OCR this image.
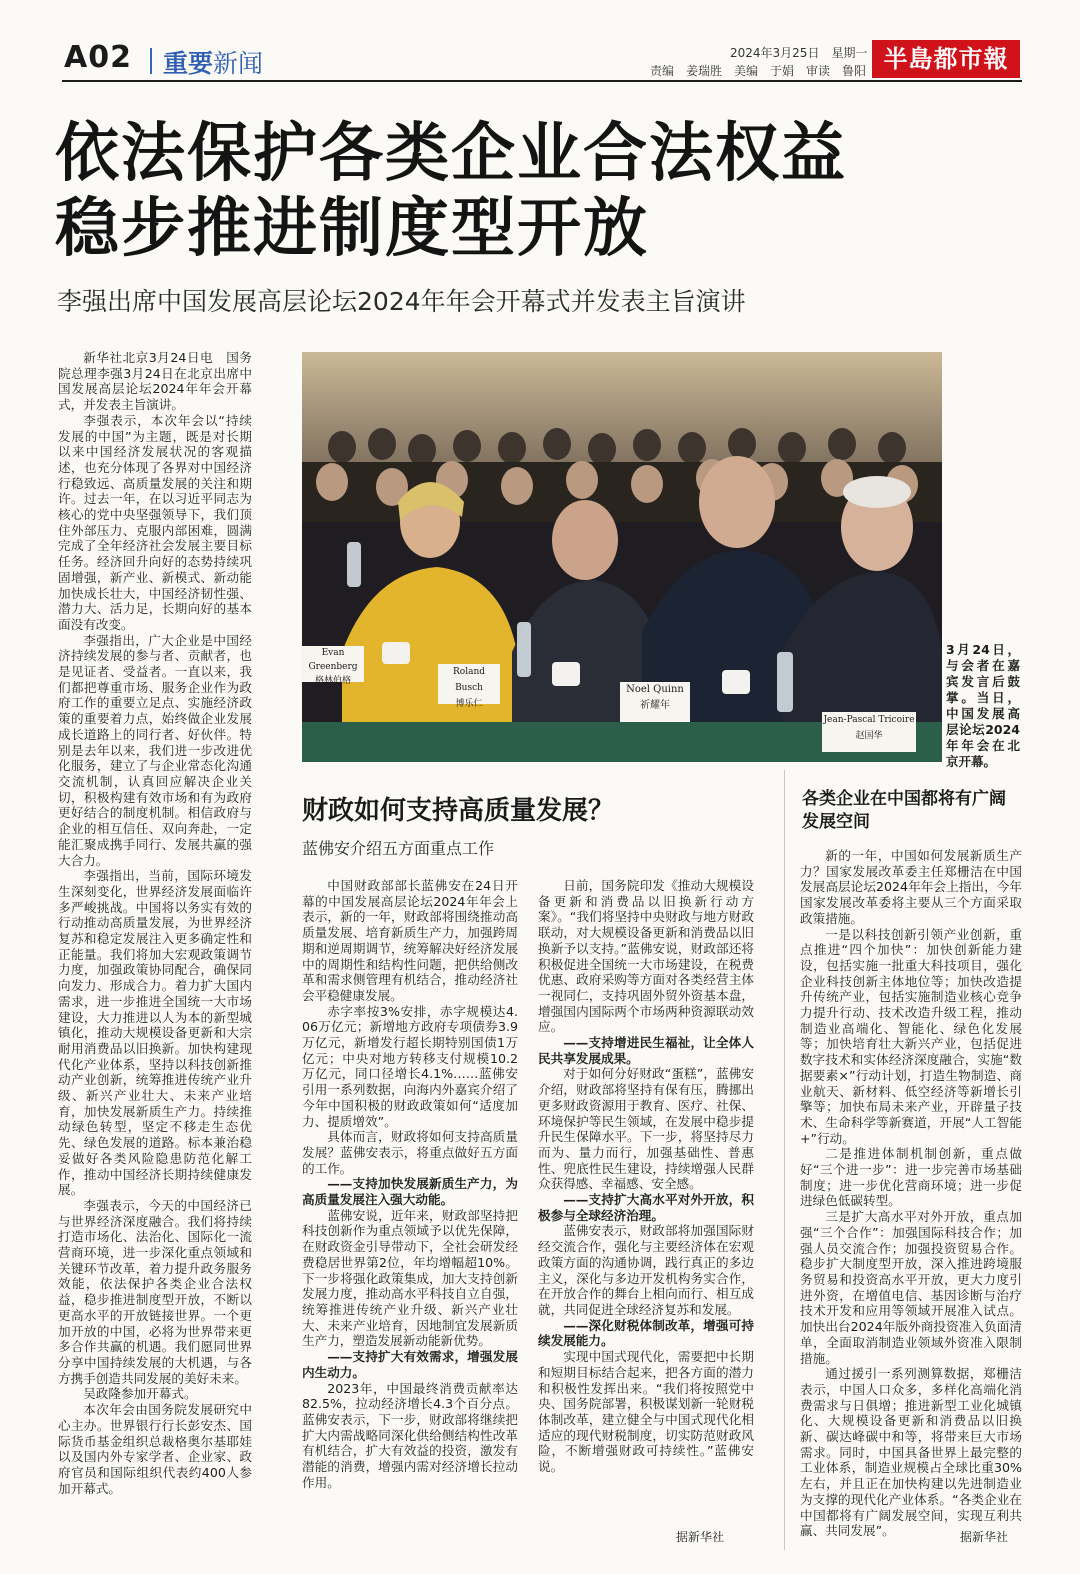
A02 重要新闻	2024年3月25日　星期一
责编　姜瑞胜　美编　于娟　审读　鲁阳 半島都市報
依法保护各类企业合法权益
稳步推进制度型开放
李强出席中国发展高层论坛2024年年会开幕式并发表主旨演讲

新华社北京3月24日电　国务院总理李强3月24日在北京出席中国发展高层论坛2024年年会开幕式，并发表主旨演讲。

李强表示，本次年会以“持续发展的中国”为主题，既是对长期以来中国经济发展状况的客观描述，也充分体现了各界对中国经济行稳致远、高质量发展的关注和期许。过去一年，在以习近平同志为核心的党中央坚强领导下，我们顶住外部压力、克服内部困难，圆满完成了全年经济社会发展主要目标任务。经济回升向好的态势持续巩固增强，新产业、新模式、新动能加快成长壮大，中国经济韧性强、潜力大、活力足，长期向好的基本面没有改变。

李强指出，广大企业是中国经济持续发展的参与者、贡献者，也是见证者、受益者。一直以来，我们都把尊重市场、服务企业作为政府工作的重要立足点、实施经济政策的重要着力点，始终做企业发展成长道路上的同行者、好伙伴。特别是去年以来，我们进一步改进优化服务，建立了与企业常态化沟通交流机制，认真回应解决企业关切，积极构建有效市场和有为政府更好结合的制度机制。相信政府与企业的相互信任、双向奔赴，一定能汇聚成携手同行、发展共赢的强大合力。

李强指出，当前，国际环境发生深刻变化，世界经济发展面临许多严峻挑战。中国将以务实有效的行动推动高质量发展，为世界经济复苏和稳定发展注入更多确定性和正能量。我们将加大宏观政策调节力度，加强政策协同配合，确保同向发力、形成合力。着力扩大国内需求，进一步推进全国统一大市场建设，大力推进以人为本的新型城镇化，推动大规模设备更新和大宗耐用消费品以旧换新。加快构建现代化产业体系，坚持以科技创新推动产业创新，统筹推进传统产业升级、新兴产业壮大、未来产业培育，加快发展新质生产力。持续推动绿色转型，坚定不移走生态优先、绿色发展的道路。标本兼治稳妥做好各类风险隐患防范化解工作，推动中国经济长期持续健康发展。

李强表示，今天的中国经济已与世界经济深度融合。我们将持续打造市场化、法治化、国际化一流营商环境，进一步深化重点领域和关键环节改革，着力提升政务服务效能，依法保护各类企业合法权益，稳步推进制度型开放，不断以更高水平的开放链接世界。一个更加开放的中国，必将为世界带来更多合作共赢的机遇。我们愿同世界分享中国持续发展的大机遇，与各方携手创造共同发展的美好未来。

吴政隆参加开幕式。

本次年会由国务院发展研究中心主办。世界银行行长彭安杰、国际货币基金组织总裁格奥尔基耶娃以及国内外专家学者、企业家、政府官员和国际组织代表约400人参加开幕式。

Evan Greenberg
格林伯格
Roland Busch
博乐仁
Noel Quinn
祈耀年
Jean-Pascal Tricoire
赵国华
3月24日，与会者在嘉宾发言后鼓掌。当日，中国发展高层论坛2024年年会在北京开幕。
财政如何支持高质量发展？
蓝佛安介绍五方面重点工作

中国财政部部长蓝佛安在24日开幕的中国发展高层论坛2024年年会上表示，新的一年，财政部将围绕推动高质量发展、培育新质生产力，加强跨周期和逆周期调节，统筹解决好经济发展中的周期性和结构性问题，把供给侧改革和需求侧管理有机结合，推动经济社会平稳健康发展。

赤字率按3%安排，赤字规模达4.06万亿元；新增地方政府专项债券3.9万亿元，新增发行超长期特别国债1万亿元；中央对地方转移支付规模10.2万亿元，同口径增长4.1%……蓝佛安引用一系列数据，向海内外嘉宾介绍了今年中国积极的财政政策如何“适度加力、提质增效”。

具体而言，财政将如何支持高质量发展？蓝佛安表示，将重点做好五方面的工作。

——支持加快发展新质生产力，为高质量发展注入强大动能。

蓝佛安说，近年来，财政部坚持把科技创新作为重点领域予以优先保障，在财政资金引导带动下，全社会研发经费稳居世界第2位，年均增幅超10%。下一步将强化政策集成，加大支持创新发展力度，推动高水平科技自立自强，统筹推进传统产业升级、新兴产业壮大、未来产业培育，因地制宜发展新质生产力，塑造发展新动能新优势。

——支持扩大有效需求，增强发展内生动力。

2023年，中国最终消费贡献率达82.5%，拉动经济增长4.3个百分点。蓝佛安表示，下一步，财政部将继续把扩大内需战略同深化供给侧结构性改革有机结合，扩大有效益的投资，激发有潜能的消费，增强内需对经济增长拉动作用。

日前，国务院印发《推动大规模设备更新和消费品以旧换新行动方案》。“我们将坚持中央财政与地方财政联动，对大规模设备更新和消费品以旧换新予以支持。”蓝佛安说，财政部还将积极促进全国统一大市场建设，在税费优惠、政府采购等方面对各类经营主体一视同仁，支持巩固外贸外资基本盘，增强国内国际两个市场两种资源联动效应。

——支持增进民生福祉，让全体人民共享发展成果。

对于如何分好财政“蛋糕”，蓝佛安介绍，财政部将坚持有保有压，腾挪出更多财政资源用于教育、医疗、社保、环境保护等民生领域，在发展中稳步提升民生保障水平。下一步，将坚持尽力而为、量力而行，加强基础性、普惠性、兜底性民生建设，持续增强人民群众获得感、幸福感、安全感。

——支持扩大高水平对外开放，积极参与全球经济治理。

蓝佛安表示，财政部将加强国际财经交流合作，强化与主要经济体在宏观政策方面的沟通协调，践行真正的多边主义，深化与多边开发机构务实合作，在开放合作的舞台上相向而行、相互成就，共同促进全球经济复苏和发展。

——深化财税体制改革，增强可持续发展能力。

实现中国式现代化，需要把中长期和短期目标结合起来，把各方面的潜力和积极性发挥出来。“我们将按照党中央、国务院部署，积极谋划新一轮财税体制改革，建立健全与中国式现代化相适应的现代财税制度，切实防范财政风险，不断增强财政可持续性。”蓝佛安说。

据新华社
各类企业在中国都将有广阔发展空间

新的一年，中国如何发展新质生产力？国家发展改革委主任郑栅洁在中国发展高层论坛2024年年会上指出，今年国家发展改革委将主要从三个方面采取政策措施。

一是以科技创新引领产业创新，重点推进“四个加快”：加快创新能力建设，包括实施一批重大科技项目，强化企业科技创新主体地位等；加快改造提升传统产业，包括实施制造业核心竞争力提升行动、技术改造升级工程，推动制造业高端化、智能化、绿色化发展等；加快培育壮大新兴产业，包括促进数字技术和实体经济深度融合，实施“数据要素×”行动计划，打造生物制造、商业航天、新材料、低空经济等新增长引擎等；加快布局未来产业，开辟量子技术、生命科学等新赛道，开展“人工智能+”行动。

二是推进体制机制创新，重点做好“三个进一步”：进一步完善市场基础制度；进一步优化营商环境；进一步促进绿色低碳转型。

三是扩大高水平对外开放，重点加强“三个合作”：加强国际科技合作；加强人员交流合作；加强投资贸易合作。稳步扩大制度型开放，深入推进跨境服务贸易和投资高水平开放，更大力度引进外资，在增值电信、基因诊断与治疗技术开发和应用等领域开展准入试点。加快出台2024年版外商投资准入负面清单，全面取消制造业领域外资准入限制措施。

通过援引一系列测算数据，郑栅洁表示，中国人口众多，多样化高端化消费需求与日俱增；推进新型工业化城镇化、大规模设备更新和消费品以旧换新、碳达峰碳中和等，将带来巨大市场需求。同时，中国具备世界上最完整的工业体系，制造业规模占全球比重30%左右，并且正在加快构建以先进制造业为支撑的现代化产业体系。“各类企业在中国都将有广阔发展空间，实现互利共赢、共同发展”。	据新华社
